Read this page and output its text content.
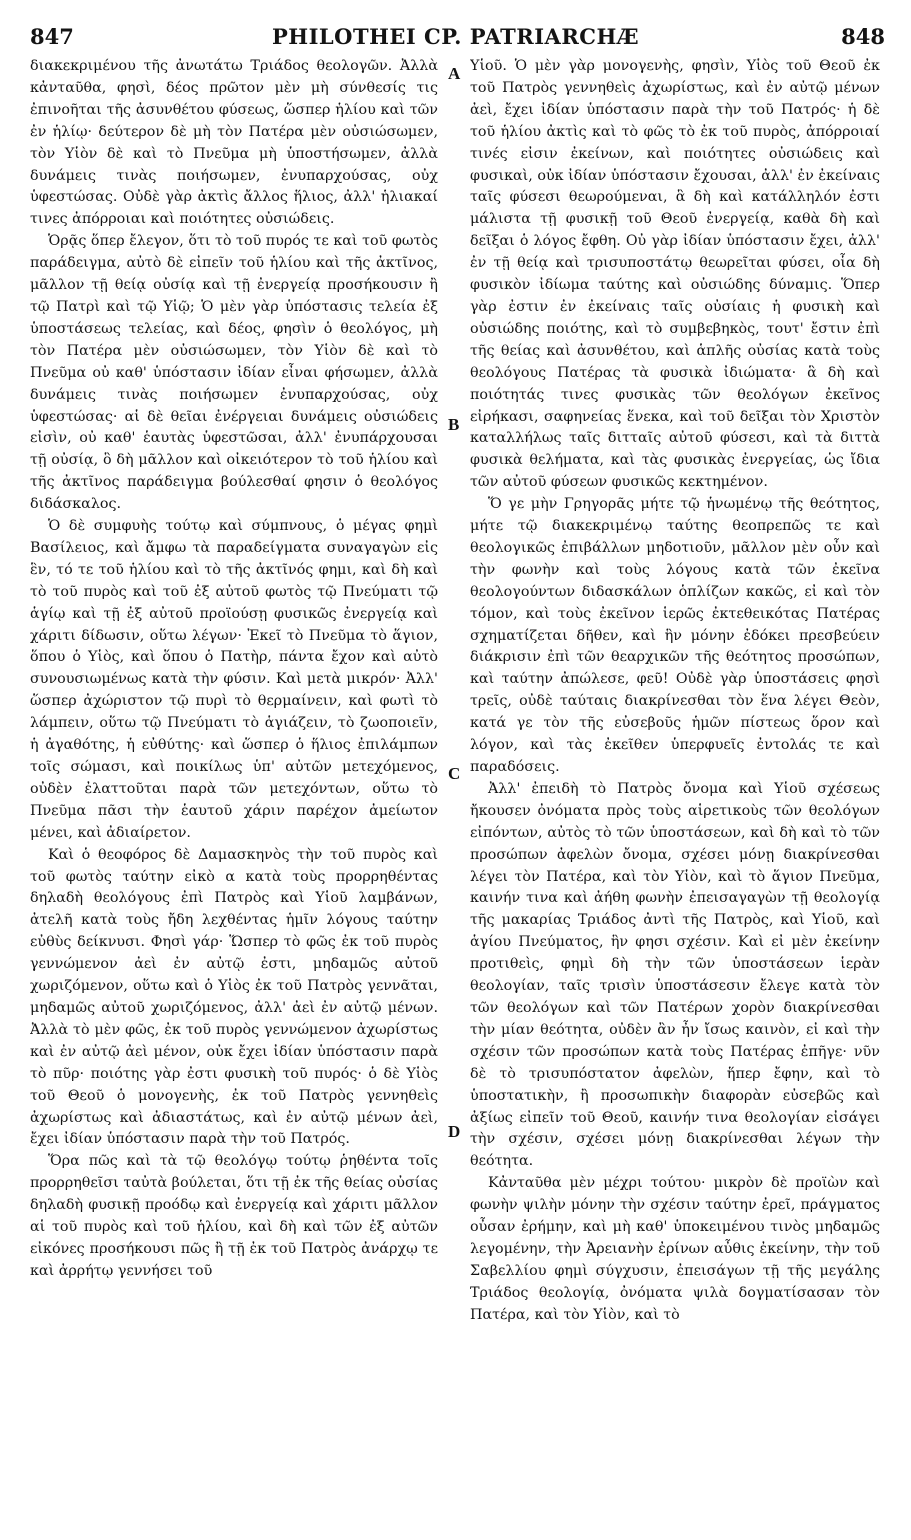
847	PHILOTHEI CP. PATRIARCHÆ	848

διακεκριμένου τῆς ἀνωτάτω Τριάδος θεολογῶν. Ἀλλὰ κἀνταῦθα, φησὶ, δέος πρῶτον μὲν μὴ σύνθεσίς τις ἐπινοῆται τῆς ἀσυνθέτου φύσεως, ὥσπερ ἡλίου καὶ τῶν ἐν ἡλίῳ· δεύτερον δὲ μὴ τὸν Πατέρα μὲν οὐσιώσωμεν, τὸν Υἱὸν δὲ καὶ τὸ Πνεῦμα μὴ ὑποστήσωμεν, ἀλλὰ δυνάμεις τινὰς ποιήσωμεν, ἐνυπαρχούσας, οὐχ ὑφεστώσας. Οὐδὲ γὰρ ἀκτὶς ἄλλος ἥλιος, ἀλλ' ἡλιακαί τινες ἀπόρροιαι καὶ ποιότητες οὐσιώδεις.

Ὁρᾷς ὅπερ ἔλεγον, ὅτι τὸ τοῦ πυρός τε καὶ τοῦ φωτὸς παράδειγμα, αὐτὸ δὲ εἰπεῖν τοῦ ἡλίου καὶ τῆς ἀκτῖνος, μᾶλλον τῇ θείᾳ οὐσίᾳ καὶ τῇ ἐνεργείᾳ προσήκουσιν ἢ τῷ Πατρὶ καὶ τῷ Υἱῷ; Ὁ μὲν γὰρ ὑπόστασις τελεία ἐξ ὑποστάσεως τελείας, καὶ δέος, φησὶν ὁ θεολόγος, μὴ τὸν Πατέρα μὲν οὐσιώσωμεν, τὸν Υἱὸν δὲ καὶ τὸ Πνεῦμα οὐ καθ' ὑπόστασιν ἰδίαν εἶναι φήσωμεν, ἀλλὰ δυνάμεις τινὰς ποιήσωμεν ἐνυπαρχούσας, οὐχ ὑφεστώσας· αἱ δὲ θεῖαι ἐνέργειαι δυνάμεις οὐσιώδεις εἰσὶν, οὐ καθ' ἑαυτὰς ὑφεστῶσαι, ἀλλ' ἐνυπάρχουσαι τῇ οὐσίᾳ, ὃ δὴ μᾶλλον καὶ οἰκειότερον τὸ τοῦ ἡλίου καὶ τῆς ἀκτῖνος παράδειγμα βούλεσθαί φησιν ὁ θεολόγος διδάσκαλος.

Ὁ δὲ συμφυὴς τούτῳ καὶ σύμπνους, ὁ μέγας φημὶ Βασίλειος, καὶ ἄμφω τὰ παραδείγματα συναγαγὼν εἰς ἓν, τό τε τοῦ ἡλίου καὶ τὸ τῆς ἀκτῖνός φημι, καὶ δὴ καὶ τὸ τοῦ πυρὸς καὶ τοῦ ἐξ αὐτοῦ φωτὸς τῷ Πνεύματι τῷ ἁγίῳ καὶ τῇ ἐξ αὐτοῦ προϊούσῃ φυσικῶς ἐνεργείᾳ καὶ χάριτι δίδωσιν, οὕτω λέγων· Ἐκεῖ τὸ Πνεῦμα τὸ ἅγιον, ὅπου ὁ Υἱὸς, καὶ ὅπου ὁ Πατὴρ, πάντα ἔχον καὶ αὐτὸ συνουσιωμένως κατὰ τὴν φύσιν. Καὶ μετὰ μικρόν· Ἀλλ' ὥσπερ ἀχώριστον τῷ πυρὶ τὸ θερμαίνειν, καὶ φωτὶ τὸ λάμπειν, οὕτω τῷ Πνεύματι τὸ ἁγιάζειν, τὸ ζωοποιεῖν, ἡ ἀγαθότης, ἡ εὐθύτης· καὶ ὥσπερ ὁ ἥλιος ἐπιλάμπων τοῖς σώμασι, καὶ ποικίλως ὑπ' αὐτῶν μετεχόμενος, οὐδὲν ἐλαττοῦται παρὰ τῶν μετεχόντων, οὕτω τὸ Πνεῦμα πᾶσι τὴν ἑαυτοῦ χάριν παρέχον ἀμείωτον μένει, καὶ ἀδιαίρετον.

Καὶ ὁ θεοφόρος δὲ Δαμασκηνὸς τὴν τοῦ πυρὸς καὶ τοῦ φωτὸς ταύτην εἰκὸ α κατὰ τοὺς προρρηθέντας δηλαδὴ θεολόγους ἐπὶ Πατρὸς καὶ Υἱοῦ λαμβάνων, ἀτελῆ κατὰ τοὺς ἤδη λεχθέντας ἡμῖν λόγους ταύτην εὐθὺς δείκνυσι. Φησὶ γάρ· Ὥσπερ τὸ φῶς ἐκ τοῦ πυρὸς γεννώμενον ἀεὶ ἐν αὐτῷ ἐστι, μηδαμῶς αὐτοῦ χωριζόμενον, οὕτω καὶ ὁ Υἱὸς ἐκ τοῦ Πατρὸς γεννᾶται, μηδαμῶς αὐτοῦ χωριζόμενος, ἀλλ' ἀεὶ ἐν αὐτῷ μένων. Ἀλλὰ τὸ μὲν φῶς, ἐκ τοῦ πυρὸς γεννώμενον ἀχωρίστως καὶ ἐν αὐτῷ ἀεὶ μένον, οὐκ ἔχει ἰδίαν ὑπόστασιν παρὰ τὸ πῦρ· ποιότης γὰρ ἐστι φυσικὴ τοῦ πυρός· ὁ δὲ Υἱὸς τοῦ Θεοῦ ὁ μονογενὴς, ἐκ τοῦ Πατρὸς γεννηθεὶς ἀχωρίστως καὶ ἀδιαστάτως, καὶ ἐν αὐτῷ μένων ἀεὶ, ἔχει ἰδίαν ὑπόστασιν παρὰ τὴν τοῦ Πατρός.

Ὅρα πῶς καὶ τὰ τῷ θεολόγῳ τούτῳ ῥηθέντα τοῖς προρρηθεῖσι ταὐτὰ βούλεται, ὅτι τῇ ἐκ τῆς θείας οὐσίας δηλαδὴ φυσικῇ προόδῳ καὶ ἐνεργείᾳ καὶ χάριτι μᾶλλον αἱ τοῦ πυρὸς καὶ τοῦ ἡλίου, καὶ δὴ καὶ τῶν ἐξ αὐτῶν εἰκόνες προσήκουσι πῶς ἢ τῇ ἐκ τοῦ Πατρὸς ἀνάρχῳ τε καὶ ἀρρήτῳ γεννήσει τοῦ

A
B
C
D

Υἱοῦ. Ὁ μὲν γὰρ μονογενὴς, φησὶν, Υἱὸς τοῦ Θεοῦ ἐκ τοῦ Πατρὸς γεννηθεὶς ἀχωρίστως, καὶ ἐν αὐτῷ μένων ἀεὶ, ἔχει ἰδίαν ὑπόστασιν παρὰ τὴν τοῦ Πατρός· ἡ δὲ τοῦ ἡλίου ἀκτὶς καὶ τὸ φῶς τὸ ἐκ τοῦ πυρὸς, ἀπόρροιαί τινές εἰσιν ἐκείνων, καὶ ποιότητες οὐσιώδεις καὶ φυσικαὶ, οὐκ ἰδίαν ὑπόστασιν ἔχουσαι, ἀλλ' ἐν ἐκείναις ταῖς φύσεσι θεωρούμεναι, ἃ δὴ καὶ κατάλληλόν ἐστι μάλιστα τῇ φυσικῇ τοῦ Θεοῦ ἐνεργείᾳ, καθὰ δὴ καὶ δεῖξαι ὁ λόγος ἔφθη. Οὐ γὰρ ἰδίαν ὑπόστασιν ἔχει, ἀλλ' ἐν τῇ θείᾳ καὶ τρισυποστάτῳ θεωρεῖται φύσει, οἷα δὴ φυσικὸν ἰδίωμα ταύτης καὶ οὐσιώδης δύναμις. Ὅπερ γὰρ ἐστιν ἐν ἐκείναις ταῖς οὐσίαις ἡ φυσικὴ καὶ οὐσιώδης ποιότης, καὶ τὸ συμβεβηκὸς, τουτ' ἔστιν ἐπὶ τῆς θείας καὶ ἀσυνθέτου, καὶ ἁπλῆς οὐσίας κατὰ τοὺς θεολόγους Πατέρας τὰ φυσικὰ ἰδιώματα· ἃ δὴ καὶ ποιότητάς τινες φυσικὰς τῶν θεολόγων ἐκεῖνος εἰρήκασι, σαφηνείας ἕνεκα, καὶ τοῦ δεῖξαι τὸν Χριστὸν καταλλήλως ταῖς διτταῖς αὐτοῦ φύσεσι, καὶ τὰ διττὰ φυσικὰ θελήματα, καὶ τὰς φυσικὰς ἐνεργείας, ὡς ἴδια τῶν αὐτοῦ φύσεων φυσικῶς κεκτημένον.

Ὅ γε μὴν Γρηγορᾶς μήτε τῷ ἡνωμένῳ τῆς θεότητος, μήτε τῷ διακεκριμένῳ ταύτης θεοπρεπῶς τε καὶ θεολογικῶς ἐπιβάλλων μηδοτιοῦν, μᾶλλον μὲν οὖν καὶ τὴν φωνὴν καὶ τοὺς λόγους κατὰ τῶν ἐκεῖνα θεολογούντων διδασκάλων ὁπλίζων κακῶς, εἰ καὶ τὸν τόμον, καὶ τοὺς ἐκεῖνον ἱερῶς ἐκτεθεικότας Πατέρας σχηματίζεται δῆθεν, καὶ ἣν μόνην ἐδόκει πρεσβεύειν διάκρισιν ἐπὶ τῶν θεαρχικῶν τῆς θεότητος προσώπων, καὶ ταύτην ἀπώλεσε, φεῦ! Οὐδὲ γὰρ ὑποστάσεις φησὶ τρεῖς, οὐδὲ ταύταις διακρίνεσθαι τὸν ἕνα λέγει Θεὸν, κατά γε τὸν τῆς εὐσεβοῦς ἡμῶν πίστεως ὅρον καὶ λόγον, καὶ τὰς ἐκεῖθεν ὑπερφυεῖς ἐντολάς τε καὶ παραδόσεις.

Ἀλλ' ἐπειδὴ τὸ Πατρὸς ὄνομα καὶ Υἱοῦ σχέσεως ἤκουσεν ὀνόματα πρὸς τοὺς αἱρετικοὺς τῶν θεολόγων εἰπόντων, αὐτὸς τὸ τῶν ὑποστάσεων, καὶ δὴ καὶ τὸ τῶν προσώπων ἀφελὼν ὄνομα, σχέσει μόνῃ διακρίνεσθαι λέγει τὸν Πατέρα, καὶ τὸν Υἱὸν, καὶ τὸ ἅγιον Πνεῦμα, καινήν τινα καὶ ἀήθη φωνὴν ἐπεισαγαγὼν τῇ θεολογίᾳ τῆς μακαρίας Τριάδος ἀντὶ τῆς Πατρὸς, καὶ Υἱοῦ, καὶ ἁγίου Πνεύματος, ἣν φησι σχέσιν. Καὶ εἰ μὲν ἐκείνην προτιθεὶς, φημὶ δὴ τὴν τῶν ὑποστάσεων ἱερὰν θεολογίαν, ταῖς τρισὶν ὑποστάσεσιν ἔλεγε κατὰ τὸν τῶν θεολόγων καὶ τῶν Πατέρων χορὸν διακρίνεσθαι τὴν μίαν θεότητα, οὐδὲν ἂν ἦν ἴσως καινὸν, εἰ καὶ τὴν σχέσιν τῶν προσώπων κατὰ τοὺς Πατέρας ἐπῆγε· νῦν δὲ τὸ τρισυπόστατον ἀφελὼν, ἥπερ ἔφην, καὶ τὸ ὑποστατικὴν, ἢ προσωπικὴν διαφορὰν εὐσεβῶς καὶ ἀξίως εἰπεῖν τοῦ Θεοῦ, καινήν τινα θεολογίαν εἰσάγει τὴν σχέσιν, σχέσει μόνῃ διακρίνεσθαι λέγων τὴν θεότητα.

Κἀνταῦθα μὲν μέχρι τούτου· μικρὸν δὲ προϊὼν καὶ φωνὴν ψιλὴν μόνην τὴν σχέσιν ταύτην ἐρεῖ, πράγματος οὖσαν ἐρήμην, καὶ μὴ καθ' ὑποκειμένου τινὸς μηδαμῶς λεγομένην, τὴν Ἀρειανὴν ἐρίνων αὖθις ἐκείνην, τὴν τοῦ Σαβελλίου φημὶ σύγχυσιν, ἐπεισάγων τῇ τῆς μεγάλης Τριάδος θεολογίᾳ, ὀνόματα ψιλὰ δογματίσασαν τὸν Πατέρα, καὶ τὸν Υἱὸν, καὶ τὸ
